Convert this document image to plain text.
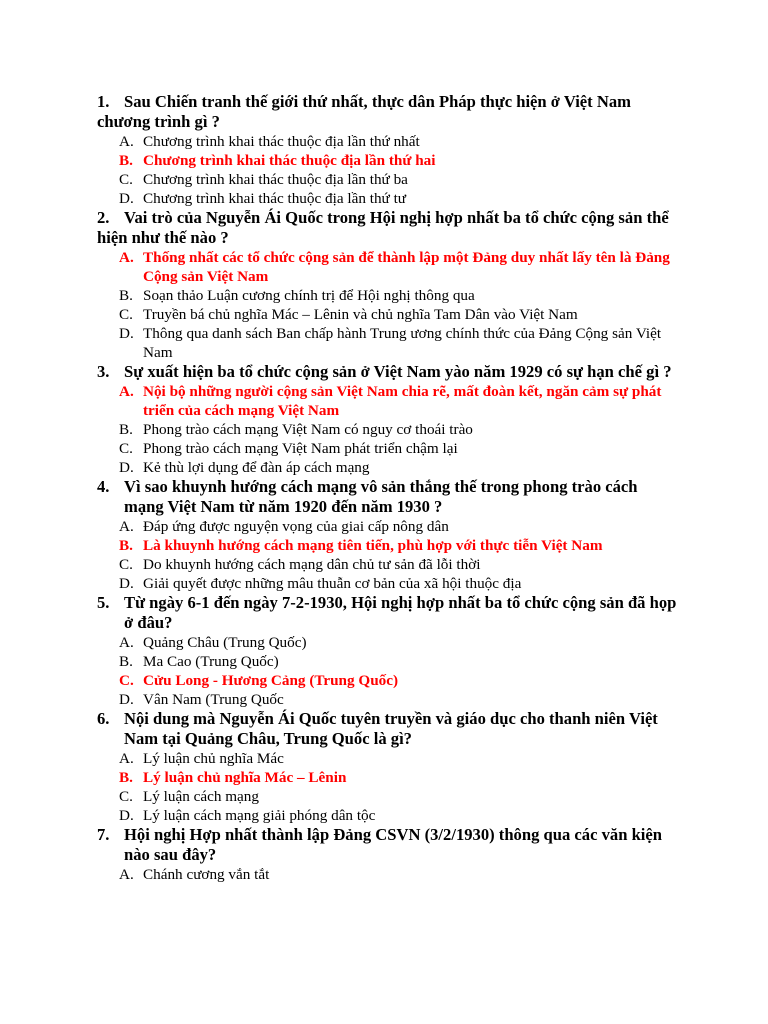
1. Sau Chiến tranh thế giới thứ nhất, thực dân Pháp thực hiện ở Việt Nam chương trình gì ?
A. Chương trình khai thác thuộc địa lần thứ nhất
B. Chương trình khai thác thuộc địa lần thứ hai
C. Chương trình khai thác thuộc địa lần thứ ba
D. Chương trình khai thác thuộc địa lần thứ tư
2. Vai trò của Nguyễn Ái Quốc trong Hội nghị hợp nhất ba tổ chức cộng sản thể hiện như thế nào ?
A. Thống nhất các tổ chức cộng sản để thành lập một Đảng duy nhất lấy tên là Đảng Cộng sản Việt Nam
B. Soạn thảo Luận cương chính trị để Hội nghị thông qua
C. Truyền bá chủ nghĩa Mác – Lênin và chủ nghĩa Tam Dân vào Việt Nam
D. Thông qua danh sách Ban chấp hành Trung ương chính thức của Đảng Cộng sản Việt Nam
3. Sự xuất hiện ba tổ chức cộng sản ở Việt Nam yào năm 1929 có sự hạn chế gì ?
A. Nội bộ những người cộng sản Việt Nam chia rẽ, mất đoàn kết, ngăn cảm sự phát triển của cách mạng Việt Nam
B. Phong trào cách mạng Việt Nam có nguy cơ thoái trào
C. Phong trào cách mạng Việt Nam phát triển chậm lại
D. Kẻ thù lợi dụng để đàn áp cách mạng
4. Vì sao khuynh hướng cách mạng vô sản thắng thế trong phong trào cách mạng Việt Nam từ năm 1920 đến năm 1930 ?
A. Đáp ứng được nguyện vọng của giai cấp nông dân
B. Là khuynh hướng cách mạng tiên tiến, phù hợp với thực tiễn Việt Nam
C. Do khuynh hướng cách mạng dân chủ tư sản đã lỗi thời
D. Giải quyết được những mâu thuẫn cơ bản của xã hội thuộc địa
5. Từ ngày 6-1 đến ngày 7-2-1930, Hội nghị hợp nhất ba tổ chức cộng sản đã họp ở đâu?
A. Quảng Châu (Trung Quốc)
B. Ma Cao (Trung Quốc)
C. Cửu Long - Hương Cảng (Trung Quốc)
D. Vân Nam (Trung Quốc
6. Nội dung mà Nguyễn Ái Quốc tuyên truyền và giáo dục cho thanh niên Việt Nam tại Quảng Châu, Trung Quốc là gì?
A. Lý luận chủ nghĩa Mác
B. Lý luận chủ nghĩa Mác – Lênin
C. Lý luận cách mạng
D. Lý luận cách mạng giải phóng dân tộc
7. Hội nghị Hợp nhất thành lập Đảng CSVN (3/2/1930) thông qua các văn kiện nào sau đây?
A. Chánh cương vắn tắt
